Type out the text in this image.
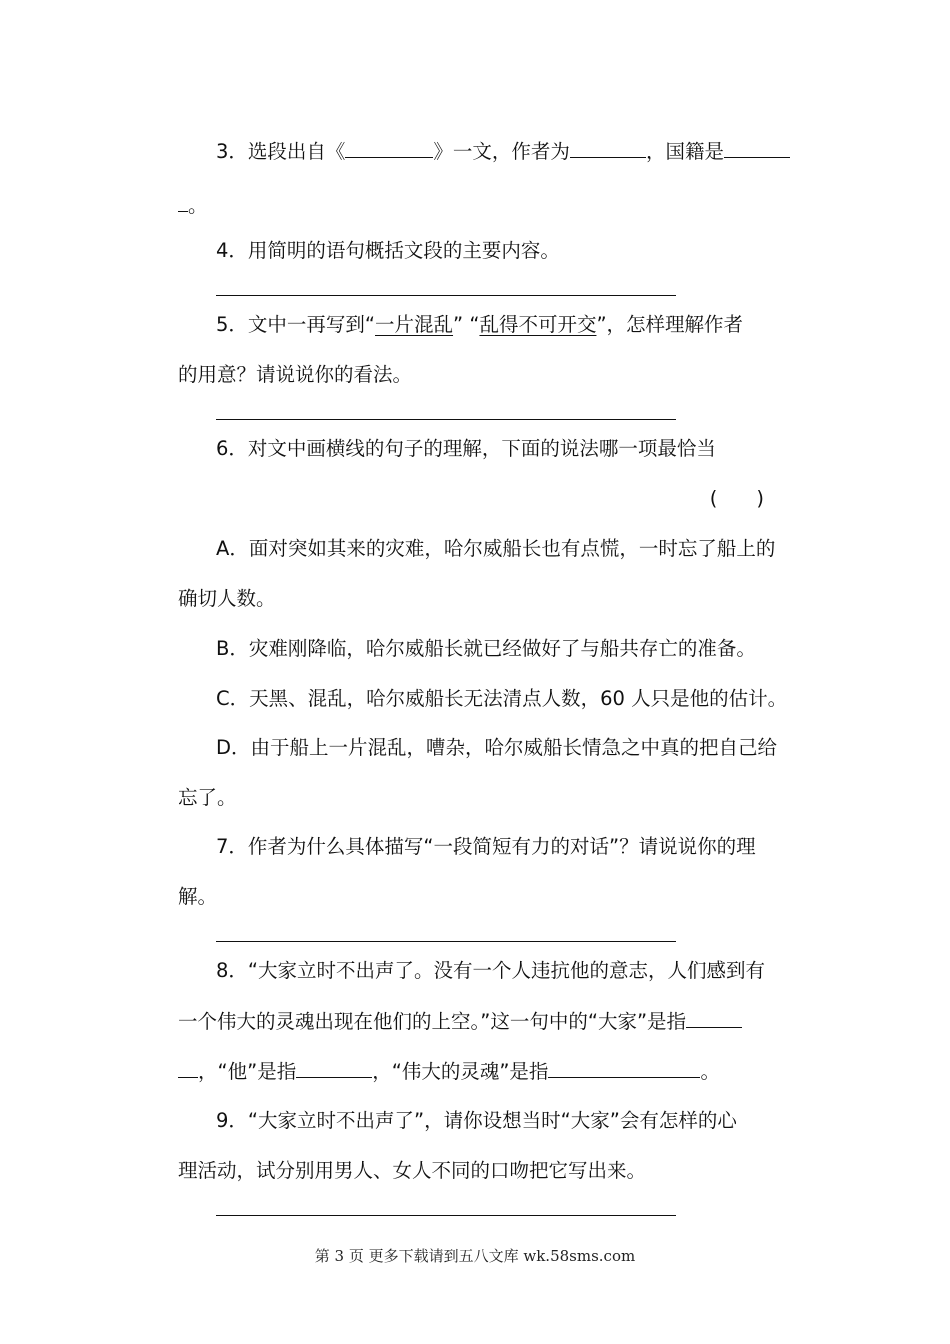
3．选段出自《	》一文，作者为	，国籍是
。
4．用简明的语句概括文段的主要内容。
5．文中一再写到“一片混乱” “乱得不可开交”，怎样理解作者
的用意？请说说你的看法。
6．对文中画横线的句子的理解，下面的说法哪一项最恰当
(　　)
A．面对突如其来的灾难，哈尔威船长也有点慌，一时忘了船上的
确切人数。
B．灾难刚降临，哈尔威船长就已经做好了与船共存亡的准备。
C．天黑、混乱，哈尔威船长无法清点人数，60 人只是他的估计。
D．由于船上一片混乱，嘈杂，哈尔威船长情急之中真的把自己给
忘了。
7．作者为什么具体描写“一段简短有力的对话”？请说说你的理
解。
8．“大家立时不出声了。没有一个人违抗他的意志，人们感到有
一个伟大的灵魂出现在他们的上空。”这一句中的“大家”是指
，“他”是指	，“伟大的灵魂”是指	。
9．“大家立时不出声了”，请你设想当时“大家”会有怎样的心
理活动，试分别用男人、女人不同的口吻把它写出来。
第 3 页 更多下载请到五八文库 wk.58sms.com
